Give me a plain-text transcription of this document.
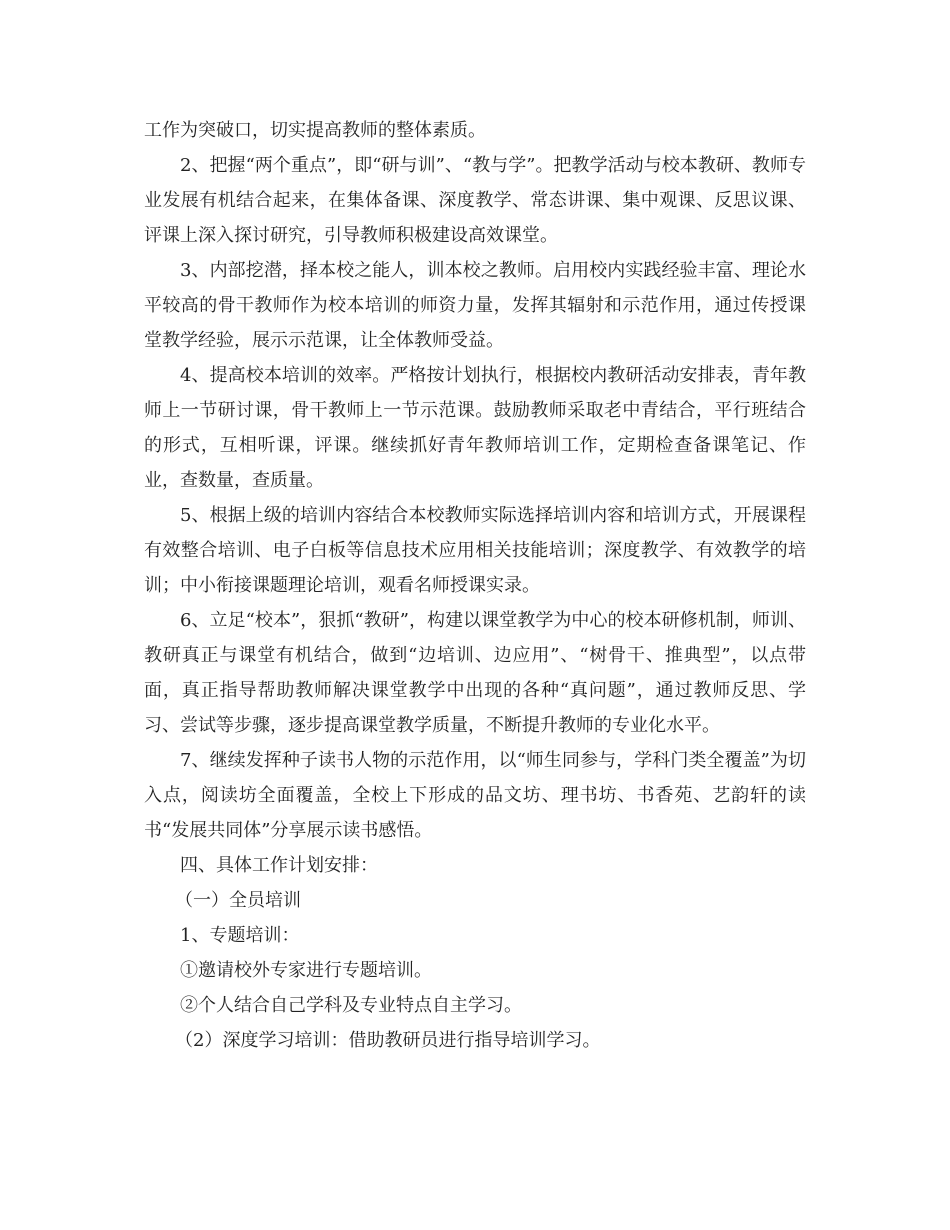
工作为突破口，切实提高教师的整体素质。

2、把握“两个重点”，即“研与训”、“教与学”。把教学活动与校本教研、教师专业发展有机结合起来，在集体备课、深度教学、常态讲课、集中观课、反思议课、评课上深入探讨研究，引导教师积极建设高效课堂。

3、内部挖潜，择本校之能人，训本校之教师。启用校内实践经验丰富、理论水平较高的骨干教师作为校本培训的师资力量，发挥其辐射和示范作用，通过传授课堂教学经验，展示示范课，让全体教师受益。

4、提高校本培训的效率。严格按计划执行，根据校内教研活动安排表，青年教师上一节研讨课，骨干教师上一节示范课。鼓励教师采取老中青结合，平行班结合的形式，互相听课，评课。继续抓好青年教师培训工作，定期检查备课笔记、作业，查数量，查质量。

5、根据上级的培训内容结合本校教师实际选择培训内容和培训方式，开展课程有效整合培训、电子白板等信息技术应用相关技能培训；深度教学、有效教学的培训；中小衔接课题理论培训，观看名师授课实录。

6、立足“校本”，狠抓“教研”，构建以课堂教学为中心的校本研修机制，师训、教研真正与课堂有机结合，做到“边培训、边应用”、“树骨干、推典型”，以点带面，真正指导帮助教师解决课堂教学中出现的各种“真问题”，通过教师反思、学习、尝试等步骤，逐步提高课堂教学质量，不断提升教师的专业化水平。

7、继续发挥种子读书人物的示范作用，以“师生同参与，学科门类全覆盖”为切入点，阅读坊全面覆盖，全校上下形成的品文坊、理书坊、书香苑、艺韵轩的读书“发展共同体”分享展示读书感悟。

四、具体工作计划安排：

（一）全员培训

1、专题培训：

①邀请校外专家进行专题培训。

②个人结合自己学科及专业特点自主学习。

（2）深度学习培训：借助教研员进行指导培训学习。
